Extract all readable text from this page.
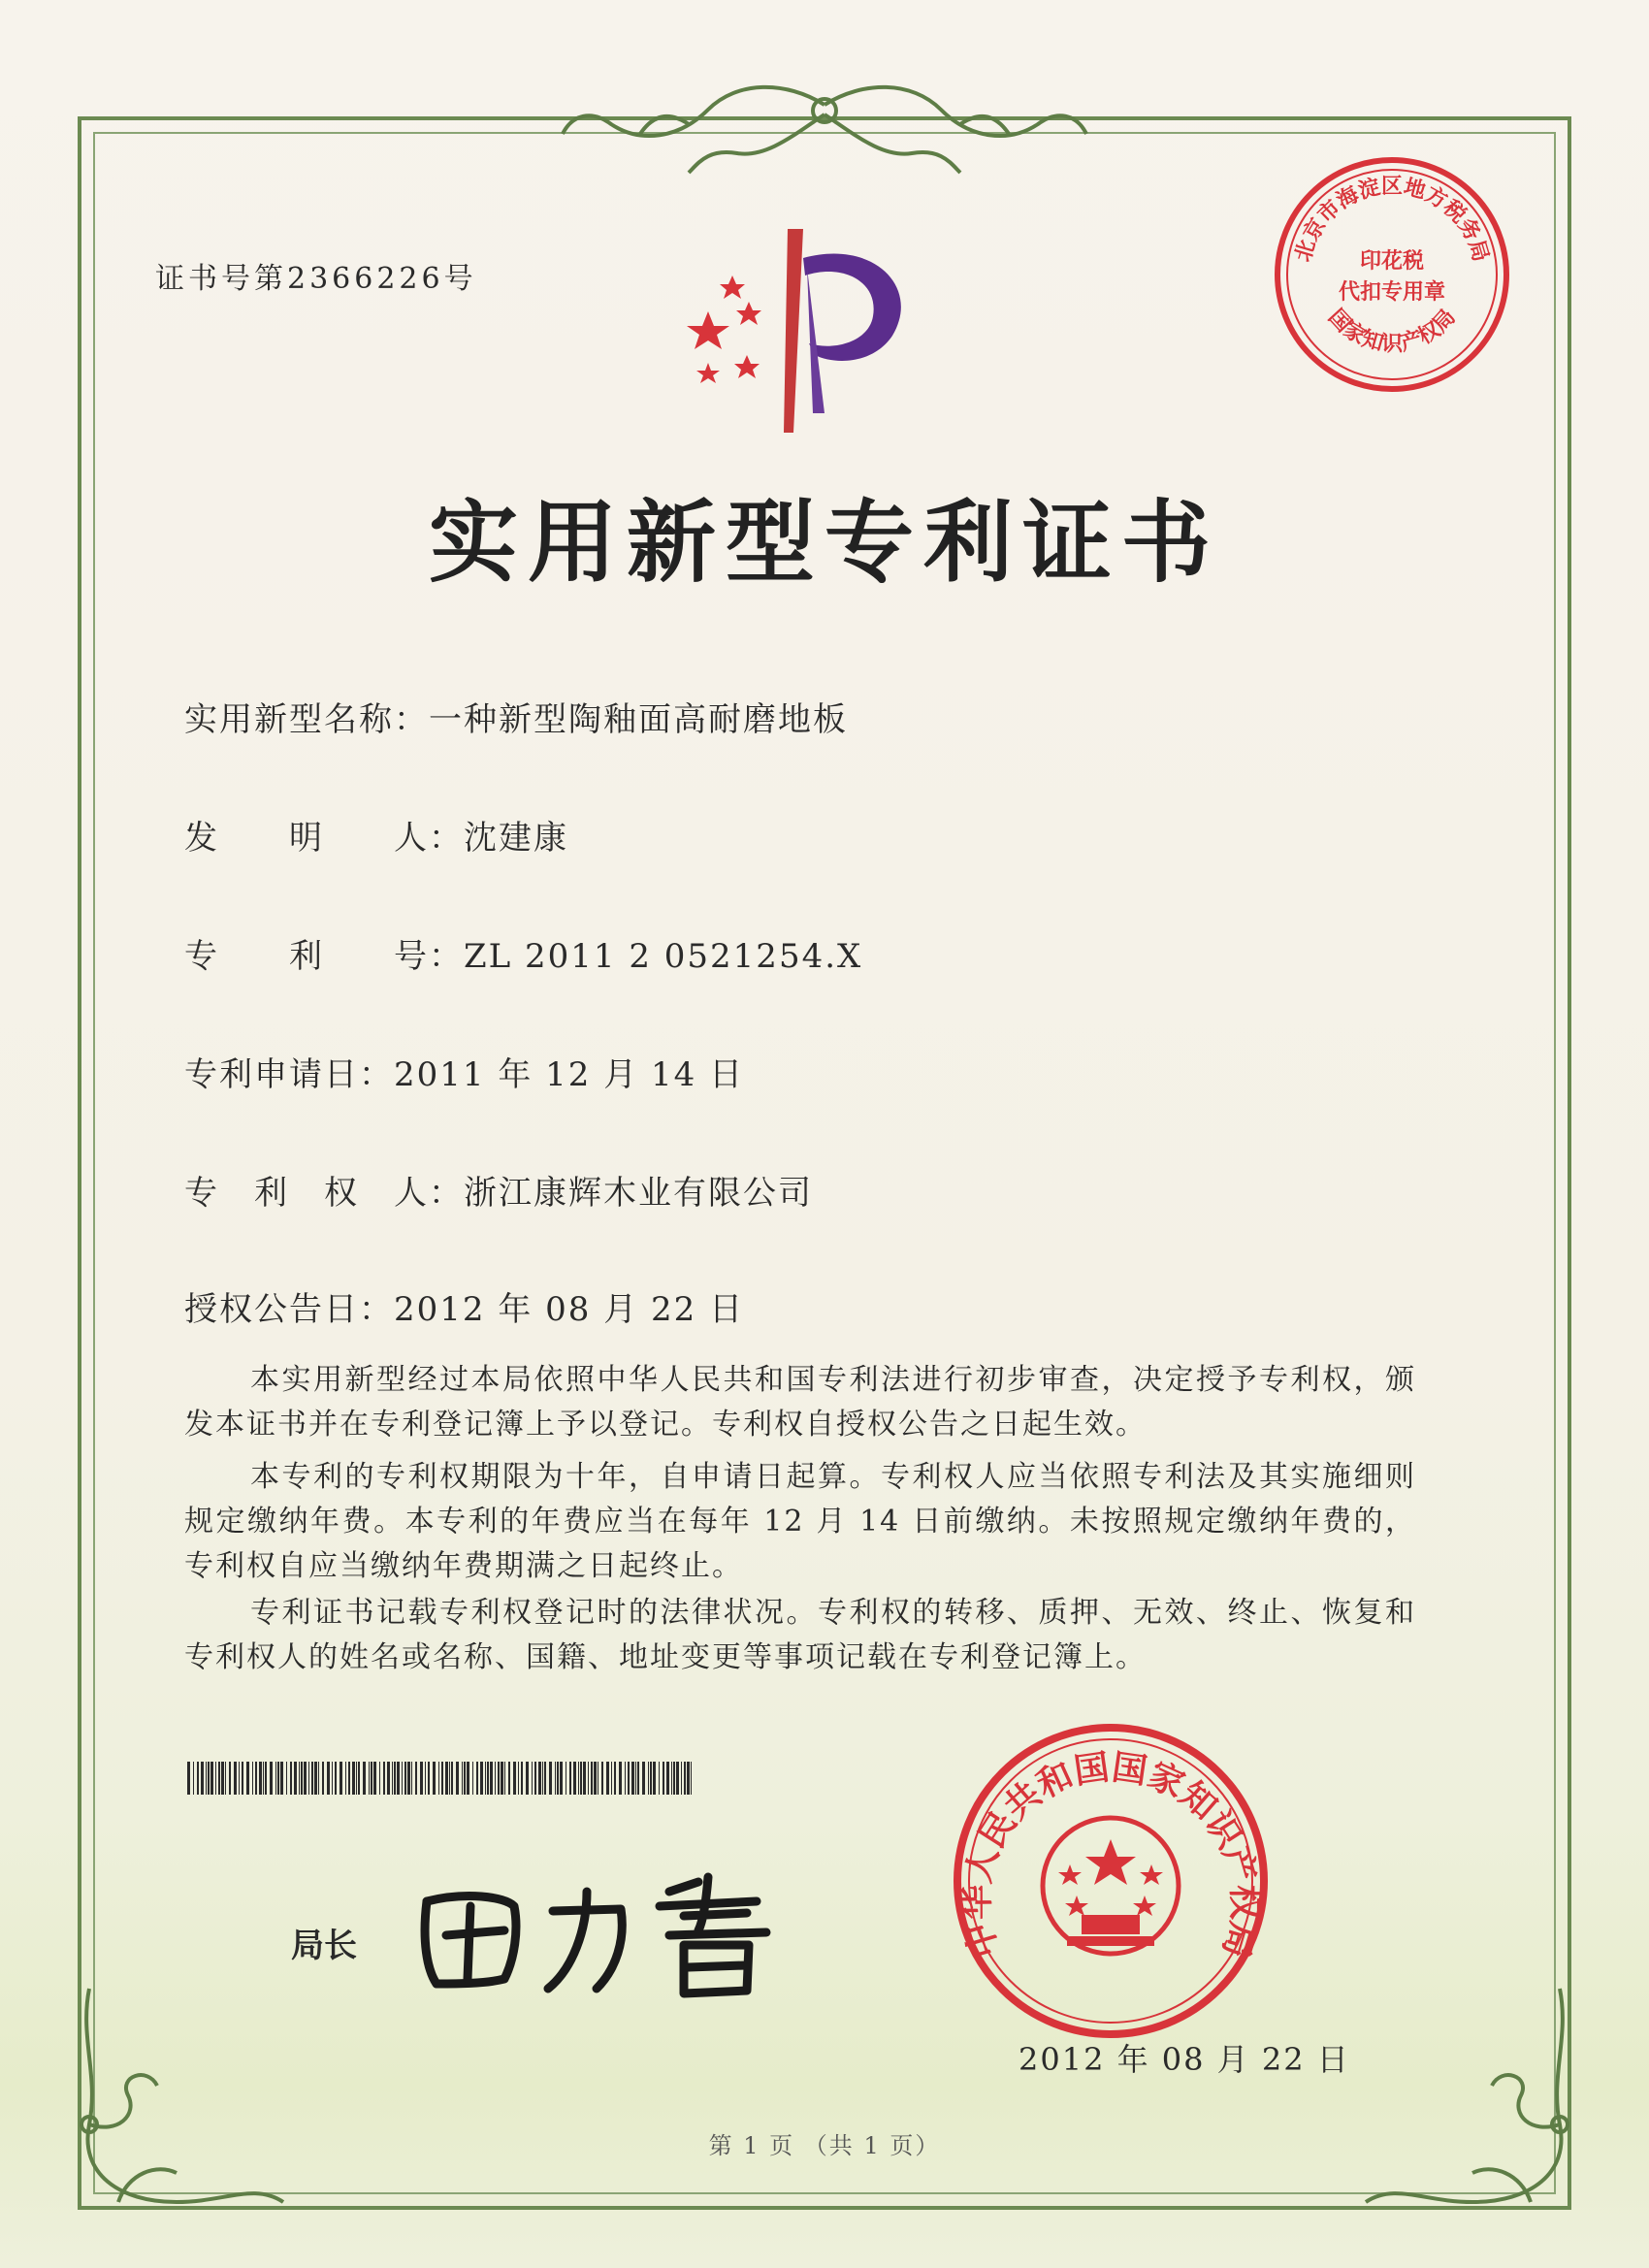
证书号第2366226号
北京市海淀区地方税务局
国家知识产权局
印花税
代扣专用章
实用新型专利证书
实用新型名称：一种新型陶釉面高耐磨地板
发　　明　　人：沈建康
专　　利　　号：ZL 2011 2 0521254.X
专利申请日：2011 年 12 月 14 日
专　利　权　人：浙江康辉木业有限公司
授权公告日：2012 年 08 月 22 日

本实用新型经过本局依照中华人民共和国专利法进行初步审查，决定授予专利权，颁发本证书并在专利登记簿上予以登记。专利权自授权公告之日起生效。

本专利的专利权期限为十年，自申请日起算。专利权人应当依照专利法及其实施细则规定缴纳年费。本专利的年费应当在每年 12 月 14 日前缴纳。未按照规定缴纳年费的，专利权自应当缴纳年费期满之日起终止。

专利证书记载专利权登记时的法律状况。专利权的转移、质押、无效、终止、恢复和专利权人的姓名或名称、国籍、地址变更等事项记载在专利登记簿上。

局长	中华人民共和国国家知识产权局
2012 年 08 月 22 日
第 1 页 （共 1 页）
